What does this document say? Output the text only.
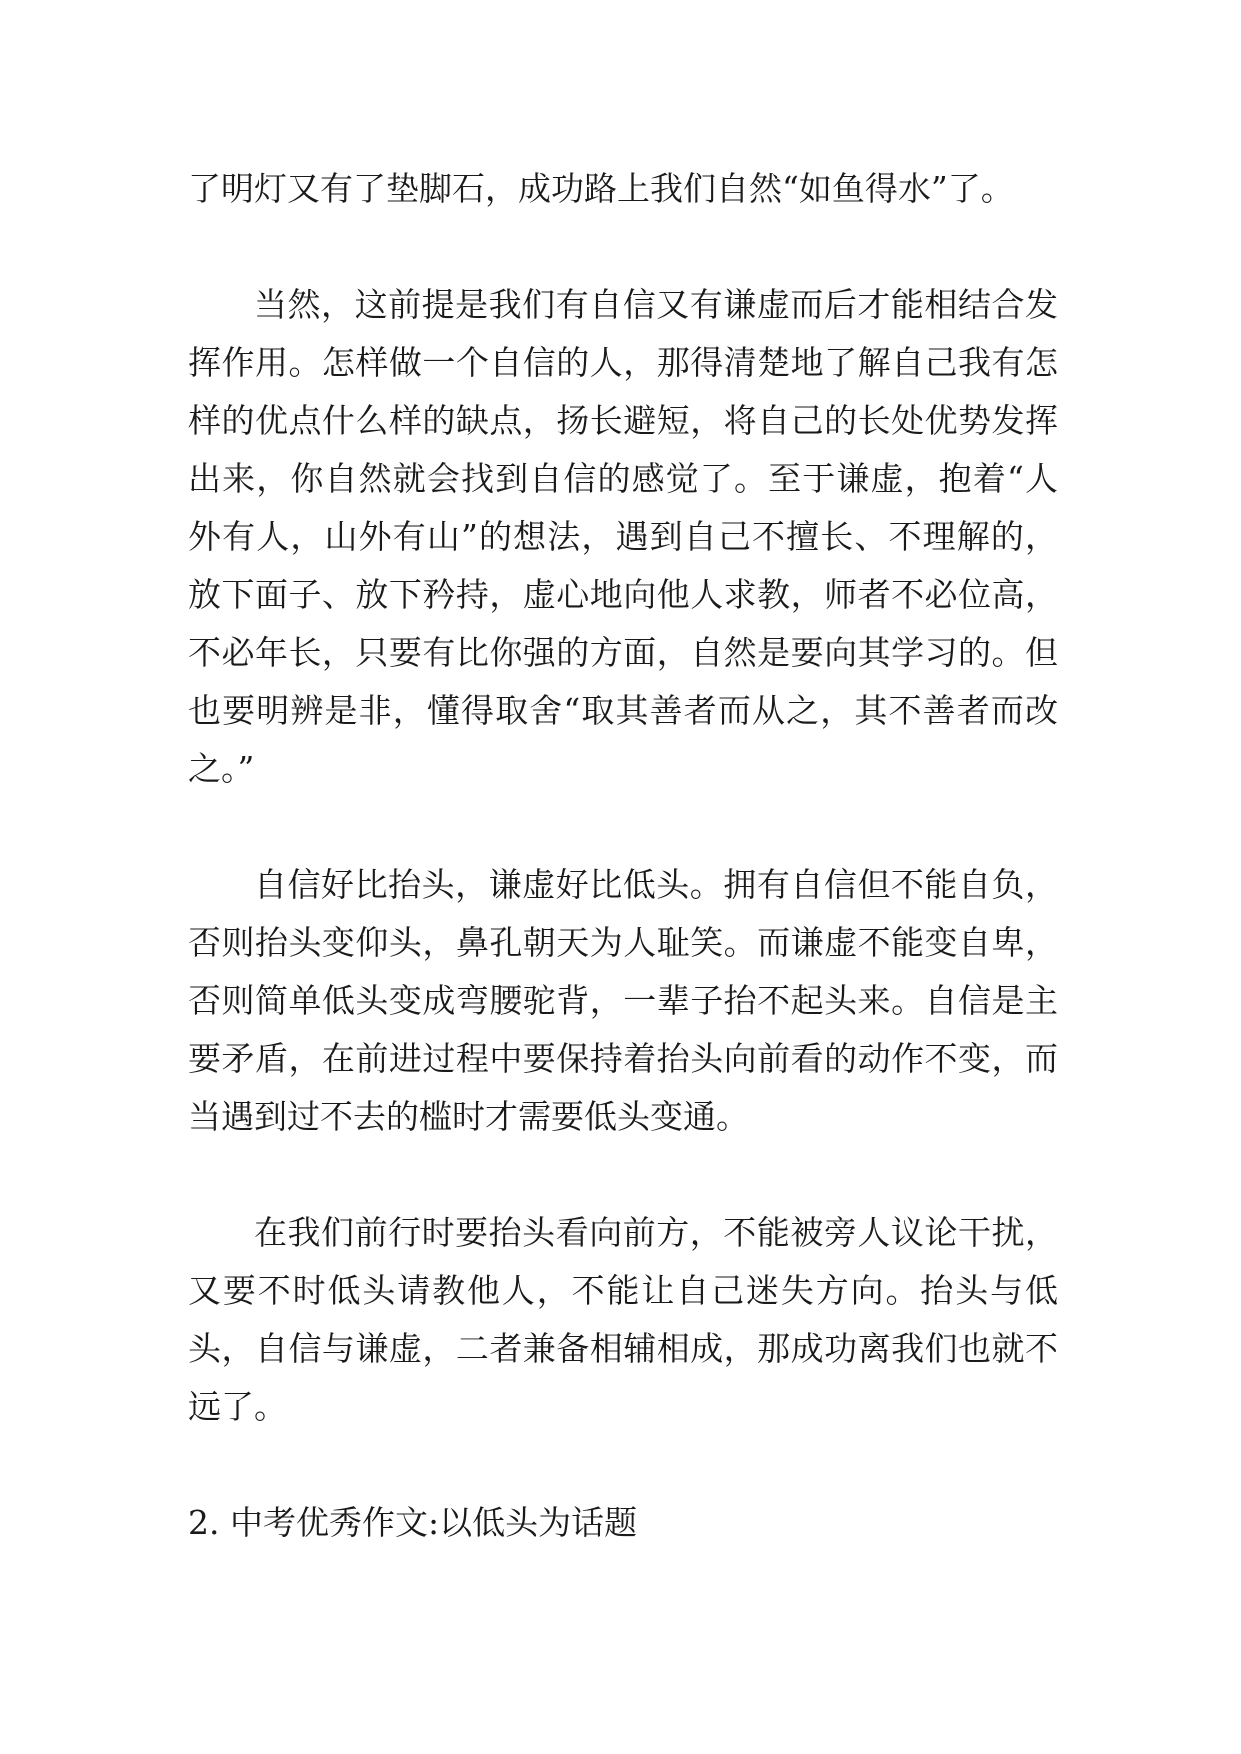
了明灯又有了垫脚石，成功路上我们自然“如鱼得水”了。

当然，这前提是我们有自信又有谦虚而后才能相结合发挥作用。怎样做一个自信的人，那得清楚地了解自己我有怎样的优点什么样的缺点，扬长避短，将自己的长处优势发挥出来，你自然就会找到自信的感觉了。至于谦虚，抱着“人外有人，山外有山”的想法，遇到自己不擅长、不理解的，放下面子、放下矜持，虚心地向他人求教，师者不必位高，不必年长，只要有比你强的方面，自然是要向其学习的。但也要明辨是非，懂得取舍“取其善者而从之，其不善者而改之。”

自信好比抬头，谦虚好比低头。拥有自信但不能自负，否则抬头变仰头，鼻孔朝天为人耻笑。而谦虚不能变自卑，否则简单低头变成弯腰驼背，一辈子抬不起头来。自信是主要矛盾，在前进过程中要保持着抬头向前看的动作不变，而当遇到过不去的槛时才需要低头变通。

在我们前行时要抬头看向前方，不能被旁人议论干扰，又要不时低头请教他人，不能让自己迷失方向。抬头与低头，自信与谦虚，二者兼备相辅相成，那成功离我们也就不远了。

2. 中考优秀作文:以低头为话题
